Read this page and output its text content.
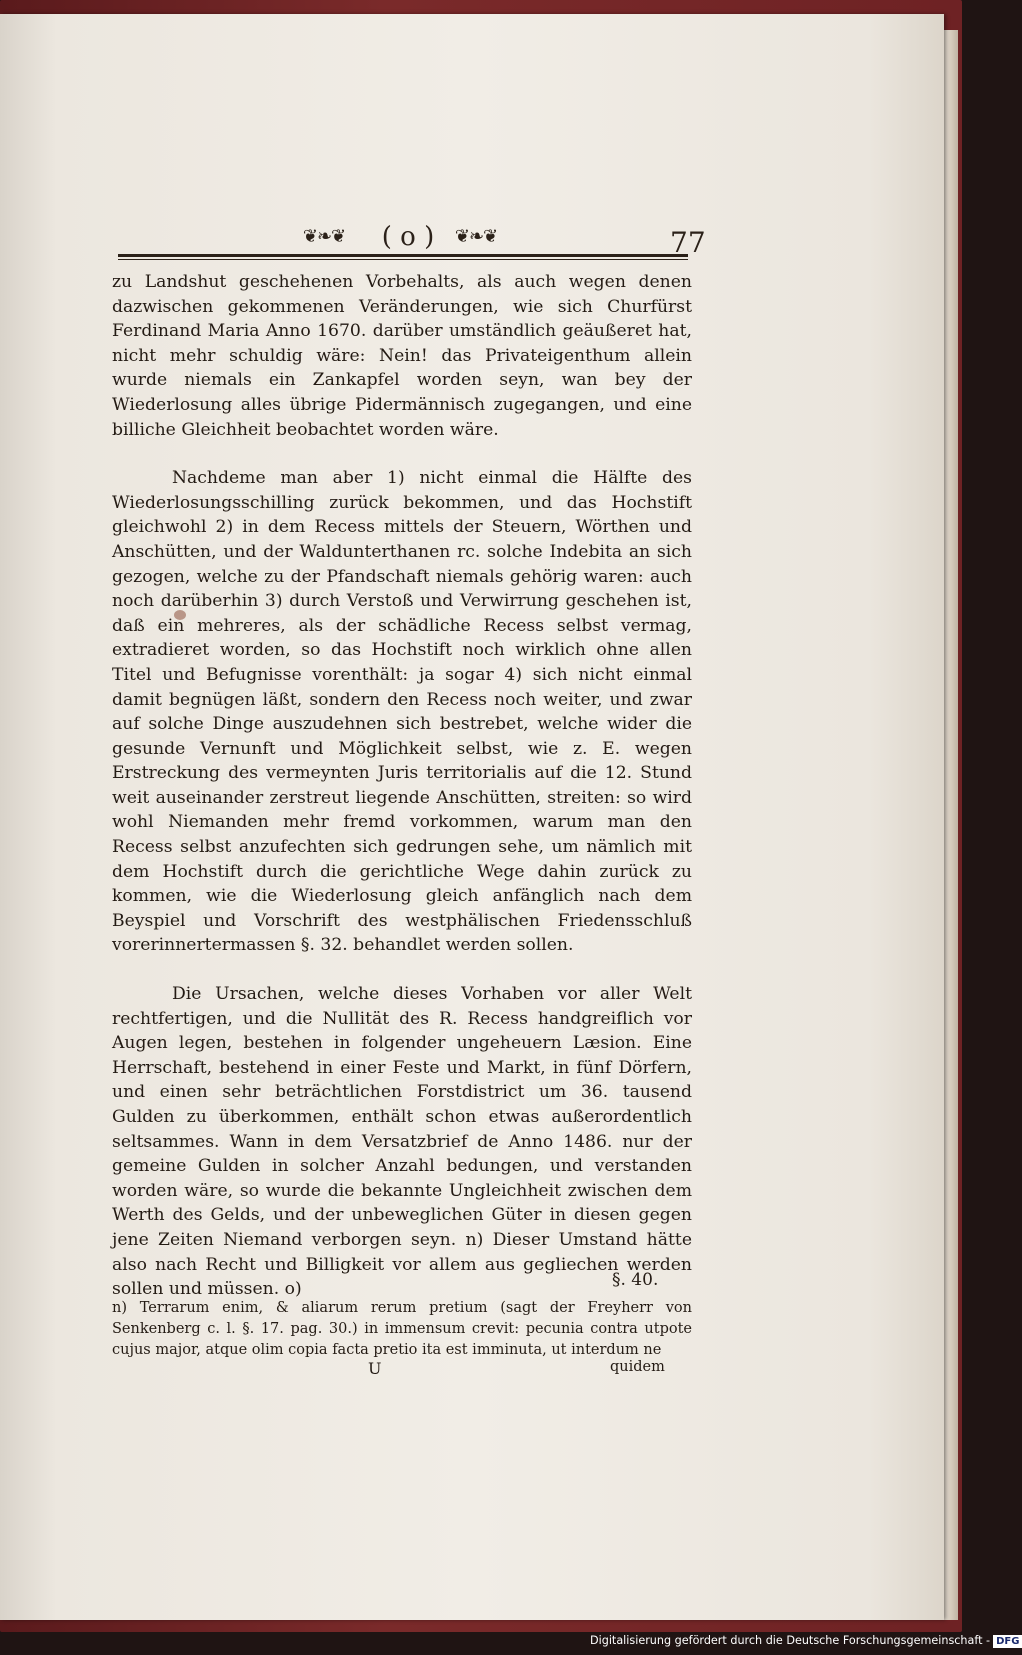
❦❧❦	( o )	❦❧❦	77

zu Landshut geschehenen Vorbehalts, als auch wegen denen dazwischen gekommenen Veränderungen, wie sich Churfürst Ferdinand Maria Anno 1670. darüber umständlich geäußeret hat, nicht mehr schuldig wäre: Nein! das Privateigenthum allein wurde niemals ein Zankapfel worden seyn, wan bey der Wiederlosung alles übrige Pidermännisch zugegangen, und eine billiche Gleichheit beobachtet worden wäre.

Nachdeme man aber 1) nicht einmal die Hälfte des Wiederlosungsschilling zurück bekommen, und das Hochstift gleichwohl 2) in dem Recess mittels der Steuern, Wörthen und Anschütten, und der Waldunterthanen rc. solche Indebita an sich gezogen, welche zu der Pfandschaft niemals gehörig waren: auch noch darüberhin 3) durch Verstoß und Verwirrung geschehen ist, daß ein mehreres, als der schädliche Recess selbst vermag, extradieret worden, so das Hochstift noch wirklich ohne allen Titel und Befugnisse vorenthält: ja sogar 4) sich nicht einmal damit begnügen läßt, sondern den Recess noch weiter, und zwar auf solche Dinge auszudehnen sich bestrebet, welche wider die gesunde Vernunft und Möglichkeit selbst, wie z. E. wegen Erstreckung des vermeynten Juris territorialis auf die 12. Stund weit auseinander zerstreut liegende Anschütten, streiten: so wird wohl Niemanden mehr fremd vorkommen, warum man den Recess selbst anzufechten sich gedrungen sehe, um nämlich mit dem Hochstift durch die gerichtliche Wege dahin zurück zu kommen, wie die Wiederlosung gleich anfänglich nach dem Beyspiel und Vorschrift des westphälischen Friedensschluß vorerinnertermassen §. 32. behandlet werden sollen.

Die Ursachen, welche dieses Vorhaben vor aller Welt rechtfertigen, und die Nullität des R. Recess handgreiflich vor Augen legen, bestehen in folgender ungeheuern Læsion. Eine Herrschaft, bestehend in einer Feste und Markt, in fünf Dörfern, und einen sehr beträchtlichen Forstdistrict um 36. tausend Gulden zu überkommen, enthält schon etwas außerordentlich seltsammes. Wann in dem Versatzbrief de Anno 1486. nur der gemeine Gulden in solcher Anzahl bedungen, und verstanden worden wäre, so wurde die bekannte Ungleichheit zwischen dem Werth des Gelds, und der unbeweglichen Güter in diesen gegen jene Zeiten Niemand verborgen seyn. n) Dieser Umstand hätte also nach Recht und Billigkeit vor allem aus gegliechen werden sollen und müssen. o)	§. 40.
n) Terrarum enim, & aliarum rerum pretium (sagt der Freyherr von Senkenberg c. l. §. 17. pag. 30.) in immensum crevit: pecunia contra utpote cujus major, atque olim copia facta pretio ita est imminuta, ut interdum ne
U	quidem
Digitalisierung gefördert durch die Deutsche Forschungsgemeinschaft - DFG
